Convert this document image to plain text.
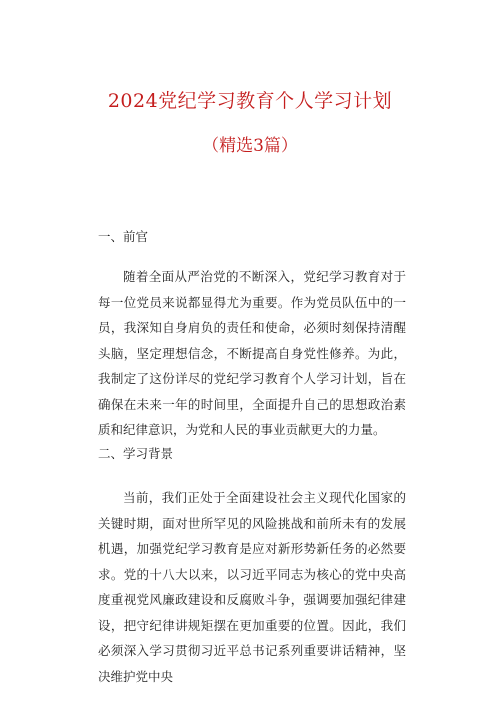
2024党纪学习教育个人学习计划
（精选3篇）
一、前官
随着全面从严治党的不断深入，党纪学习教育对于每一位党员来说都显得尤为重要。作为党员队伍中的一员，我深知自身肩负的责任和使命，必须时刻保持清醒头脑，坚定理想信念，不断提高自身党性修养。为此，我制定了这份详尽的党纪学习教育个人学习计划，旨在确保在未来一年的时间里，全面提升自己的思想政治素质和纪律意识，为党和人民的事业贡献更大的力量。
二、学习背景
当前，我们正处于全面建设社会主义现代化国家的关键时期，面对世所罕见的风险挑战和前所未有的发展机遇，加强党纪学习教育是应对新形势新任务的必然要求。党的十八大以来，以习近平同志为核心的党中央高度重视党风廉政建设和反腐败斗争，强调要加强纪律建设，把守纪律讲规矩摆在更加重要的位置。因此，我们必须深入学习贯彻习近平总书记系列重要讲话精神，坚决维护党中央
